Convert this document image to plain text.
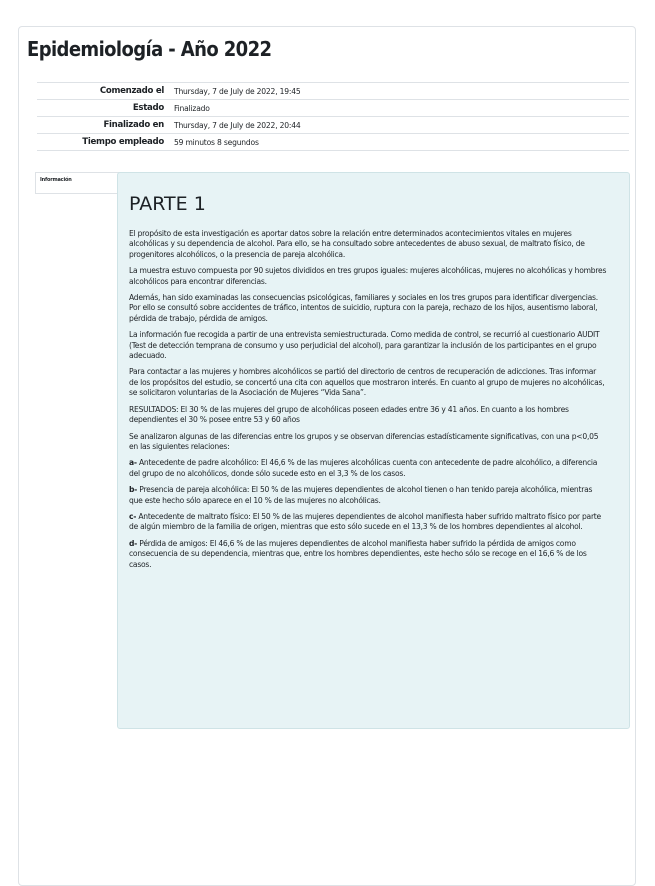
Epidemiología - Año 2022
Comenzado el	Thursday, 7 de July de 2022, 19:45
Estado	Finalizado
Finalizado en	Thursday, 7 de July de 2022, 20:44
Tiempo empleado	59 minutos 8 segundos
Información
PARTE 1

El propósito de esta investigación es aportar datos sobre la relación entre determinados acontecimientos vitales en mujeres alcohólicas y su dependencia de alcohol. Para ello, se ha consultado sobre antecedentes de abuso sexual, de maltrato físico, de progenitores alcohólicos, o la presencia de pareja alcohólica.

La muestra estuvo compuesta por 90 sujetos divididos en tres grupos iguales: mujeres alcohólicas, mujeres no alcohólicas y hombres alcohólicos para encontrar diferencias.

Además, han sido examinadas las consecuencias psicológicas, familiares y sociales en los tres grupos para identificar divergencias. Por ello se consultó sobre accidentes de tráfico, intentos de suicidio, ruptura con la pareja, rechazo de los hijos, ausentismo laboral, pérdida de trabajo, pérdida de amigos.

La información fue recogida a partir de una entrevista semiestructurada. Como medida de control, se recurrió al cuestionario AUDIT (Test de detección temprana de consumo y uso perjudicial del alcohol), para garantizar la inclusión de los participantes en el grupo adecuado.

Para contactar a las mujeres y hombres alcohólicos se partió del directorio de centros de recuperación de adicciones. Tras informar de los propósitos del estudio, se concertó una cita con aquellos que mostraron interés. En cuanto al grupo de mujeres no alcohólicas, se solicitaron voluntarias de la Asociación de Mujeres “Vida Sana”.

RESULTADOS: El 30 % de las mujeres del grupo de alcohólicas poseen edades entre 36 y 41 años. En cuanto a los hombres dependientes el 30 % posee entre 53 y 60 años

Se analizaron algunas de las diferencias entre los grupos y se observan diferencias estadísticamente significativas, con una p<0,05 en las siguientes relaciones:

a- Antecedente de padre alcohólico: El 46,6 % de las mujeres alcohólicas cuenta con antecedente de padre alcohólico, a diferencia del grupo de no alcohólicos, donde sólo sucede esto en el 3,3 % de los casos.

b- Presencia de pareja alcohólica: El 50 % de las mujeres dependientes de alcohol tienen o han tenido pareja alcohólica, mientras que este hecho sólo aparece en el 10 % de las mujeres no alcohólicas.

c- Antecedente de maltrato físico: El 50 % de las mujeres dependientes de alcohol manifiesta haber sufrido maltrato físico por parte de algún miembro de la familia de origen, mientras que esto sólo sucede en el 13,3 % de los hombres dependientes al alcohol.

d- Pérdida de amigos: El 46,6 % de las mujeres dependientes de alcohol manifiesta haber sufrido la pérdida de amigos como consecuencia de su dependencia, mientras que, entre los hombres dependientes, este hecho sólo se recoge en el 16,6 % de los casos.
